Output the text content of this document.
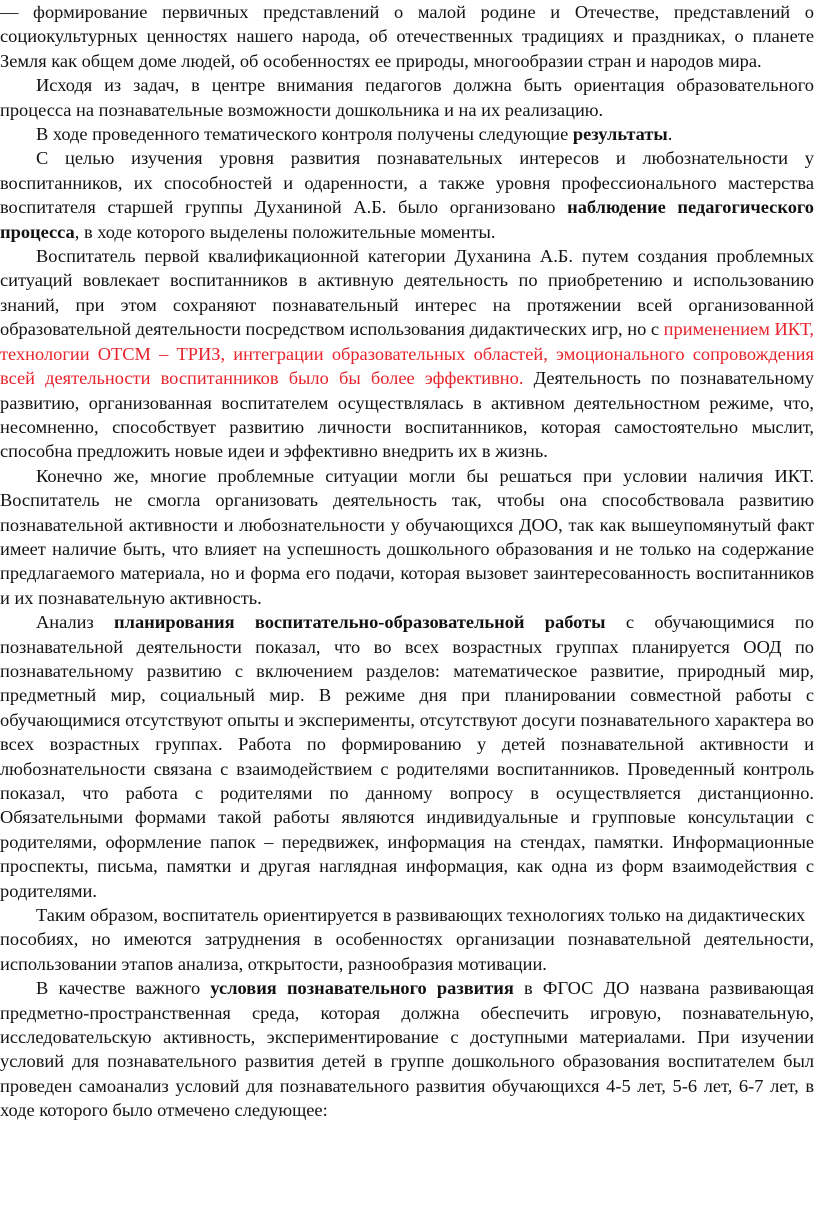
— формирование первичных представлений о малой родине и Отечестве, представлений о социокультурных ценностях нашего народа, об отечественных традициях и праздниках, о планете Земля как общем доме людей, об особенностях ее природы, многообразии стран и народов мира.

Исходя из задач, в центре внимания педагогов должна быть ориентация образовательного процесса на познавательные возможности дошкольника и на их реализацию.

В ходе проведенного тематического контроля получены следующие результаты.

С целью изучения уровня развития познавательных интересов и любознательности у воспитанников, их способностей и одаренности, а также уровня профессионального мастерства воспитателя старшей группы Духаниной А.Б. было организовано наблюдение педагогического процесса, в ходе которого выделены положительные моменты.

Воспитатель первой квалификационной категории Духанина А.Б. путем создания проблемных ситуаций вовлекает воспитанников в активную деятельность по приобретению и использованию знаний, при этом сохраняют познавательный интерес на протяжении всей организованной образовательной деятельности посредством использования дидактических игр, но с применением ИКТ, технологии ОТСМ – ТРИЗ, интеграции образовательных областей, эмоционального сопровождения всей деятельности воспитанников было бы более эффективно. Деятельность по познавательному развитию, организованная воспитателем осуществлялась в активном деятельностном режиме, что, несомненно, способствует развитию личности воспитанников, которая самостоятельно мыслит, способна предложить новые идеи и эффективно внедрить их в жизнь.

Конечно же, многие проблемные ситуации могли бы решаться при условии наличия ИКТ. Воспитатель не смогла организовать деятельность так, чтобы она способствовала развитию познавательной активности и любознательности у обучающихся ДОО, так как вышеупомянутый факт имеет наличие быть, что влияет на успешность дошкольного образования и не только на содержание предлагаемого материала, но и форма его подачи, которая вызовет заинтересованность воспитанников и их познавательную активность.

Анализ планирования воспитательно-образовательной работы с обучающимися по познавательной деятельности показал, что во всех возрастных группах планируется ООД по познавательному развитию с включением разделов: математическое развитие, природный мир, предметный мир, социальный мир. В режиме дня при планировании совместной работы с обучающимися отсутствуют опыты и эксперименты, отсутствуют досуги познавательного характера во всех возрастных группах. Работа по формированию у детей познавательной активности и любознательности связана с взаимодействием с родителями воспитанников. Проведенный контроль показал, что работа с родителями по данному вопросу в осуществляется дистанционно. Обязательными формами такой работы являются индивидуальные и групповые консультации с родителями, оформление папок – передвижек, информация на стендах, памятки. Информационные проспекты, письма, памятки и другая наглядная информация, как одна из форм взаимодействия с родителями.

Таким образом, воспитатель ориентируется в развивающих технологиях только на дидактических

пособиях, но имеются затруднения в особенностях организации познавательной деятельности, использовании этапов анализа, открытости, разнообразия мотивации.

В качестве важного условия познавательного развития в ФГОС ДО названа развивающая предметно-пространственная среда, которая должна обеспечить игровую, познавательную, исследовательскую активность, экспериментирование с доступными материалами. При изучении условий для познавательного развития детей в группе дошкольного образования воспитателем был проведен самоанализ условий для познавательного развития обучающихся 4-5 лет, 5-6 лет, 6-7 лет, в ходе которого было отмечено следующее:
